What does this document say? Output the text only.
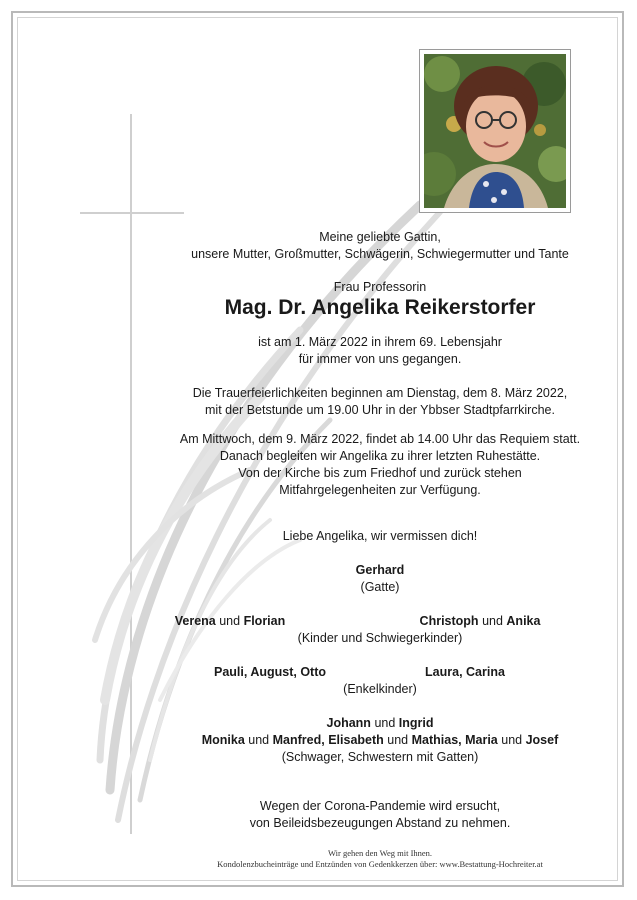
Meine geliebte Gattin,
unsere Mutter, Großmutter, Schwägerin, Schwiegermutter und Tante
Frau Professorin
Mag. Dr. Angelika Reikerstorfer
ist am 1. März 2022 in ihrem 69. Lebensjahr
für immer von uns gegangen.
Die Trauerfeierlichkeiten beginnen am Dienstag, dem 8. März 2022,
mit der Betstunde um 19.00 Uhr in der Ybbser Stadtpfarrkirche.
Am Mittwoch, dem 9. März 2022, findet ab 14.00 Uhr das Requiem statt.
Danach begleiten wir Angelika zu ihrer letzten Ruhestätte.
Von der Kirche bis zum Friedhof und zurück stehen
Mitfahrgelegenheiten zur Verfügung.
Liebe Angelika, wir vermissen dich!
Gerhard
(Gatte)
Verena und Florian	Christoph und Anika
(Kinder und Schwiegerkinder)
Pauli, August, Otto	Laura, Carina
(Enkelkinder)
Johann und Ingrid
Monika und Manfred, Elisabeth und Mathias, Maria und Josef
(Schwager, Schwestern mit Gatten)
Wegen der Corona-Pandemie wird ersucht,
von Beileidsbezeugungen Abstand zu nehmen.
Wir gehen den Weg mit Ihnen.
Kondolenzbucheinträge und Entzünden von Gedenkkerzen über: www.Bestattung-Hochreiter.at
